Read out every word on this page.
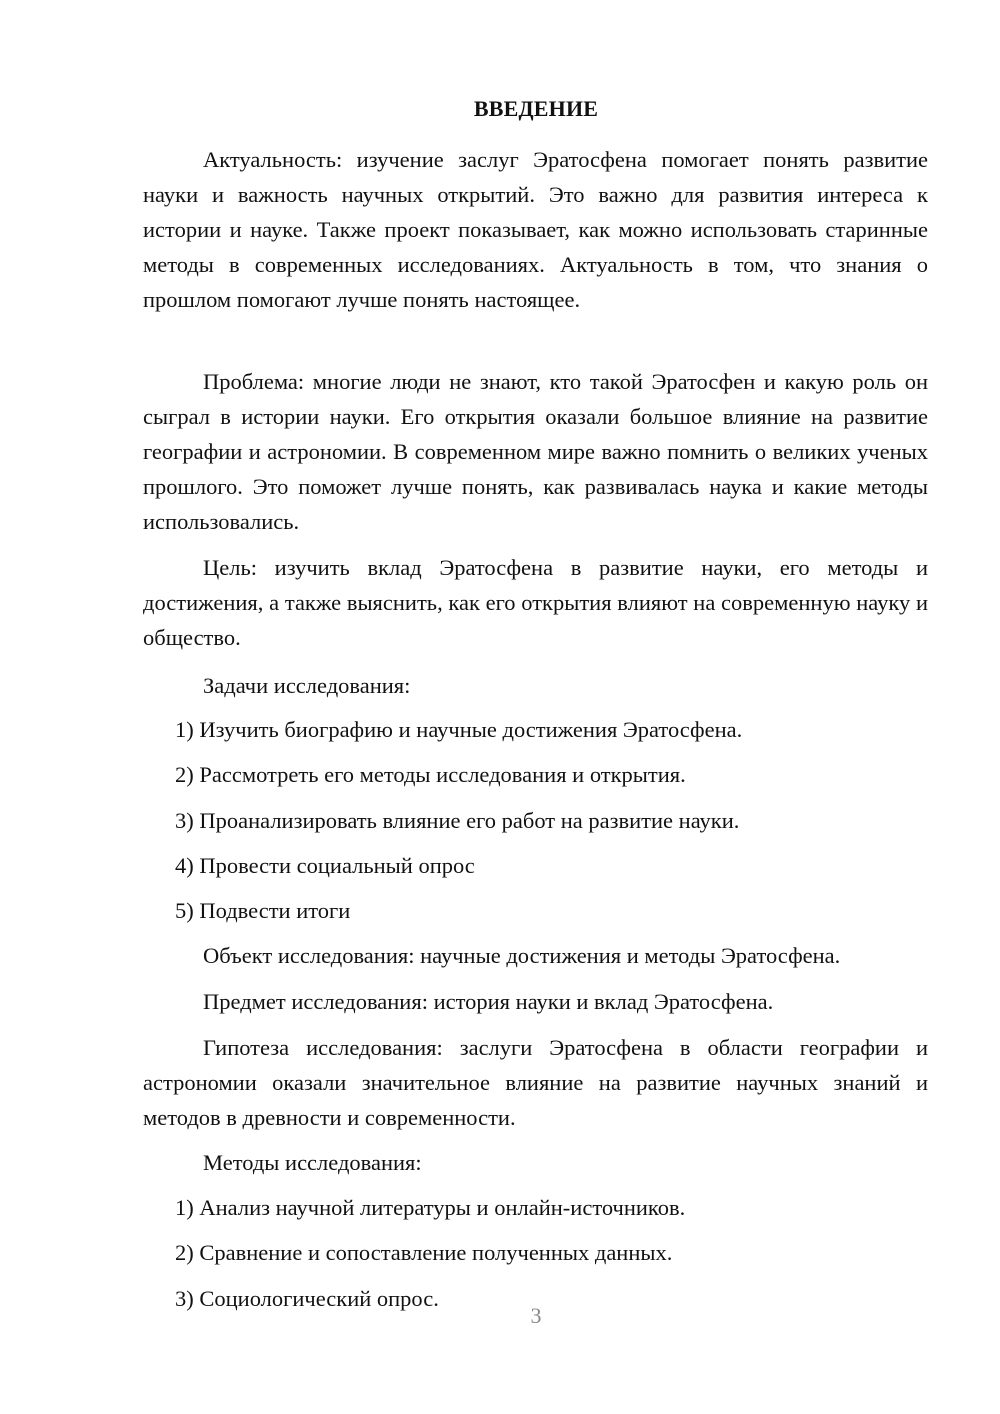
ВВЕДЕНИЕ

Актуальность: изучение заслуг Эратосфена помогает понять развитие науки и важность научных открытий. Это важно для развития интереса к истории и науке. Также проект показывает, как можно использовать старинные методы в современных исследованиях. Актуальность в том, что знания о прошлом помогают лучше понять настоящее.

Проблема: многие люди не знают, кто такой Эратосфен и какую роль он сыграл в истории науки. Его открытия оказали большое влияние на развитие географии и астрономии. В современном мире важно помнить о великих ученых прошлого. Это поможет лучше понять, как развивалась наука и какие методы использовались.

Цель: изучить вклад Эратосфена в развитие науки, его методы и достижения, а также выяснить, как его открытия влияют на современную науку и общество.

Задачи исследования:
1) Изучить биографию и научные достижения Эратосфена.
2) Рассмотреть его методы исследования и открытия.
3) Проанализировать влияние его работ на развитие науки.
4) Провести социальный опрос
5) Подвести итоги
Объект исследования: научные достижения и методы Эратосфена.
Предмет исследования: история науки и вклад Эратосфена.

Гипотеза исследования: заслуги Эратосфена в области географии и астрономии оказали значительное влияние на развитие научных знаний и методов в древности и современности.

Методы исследования:
1) Анализ научной литературы и онлайн-источников.
2) Сравнение и сопоставление полученных данных.
3) Социологический опрос.
3
